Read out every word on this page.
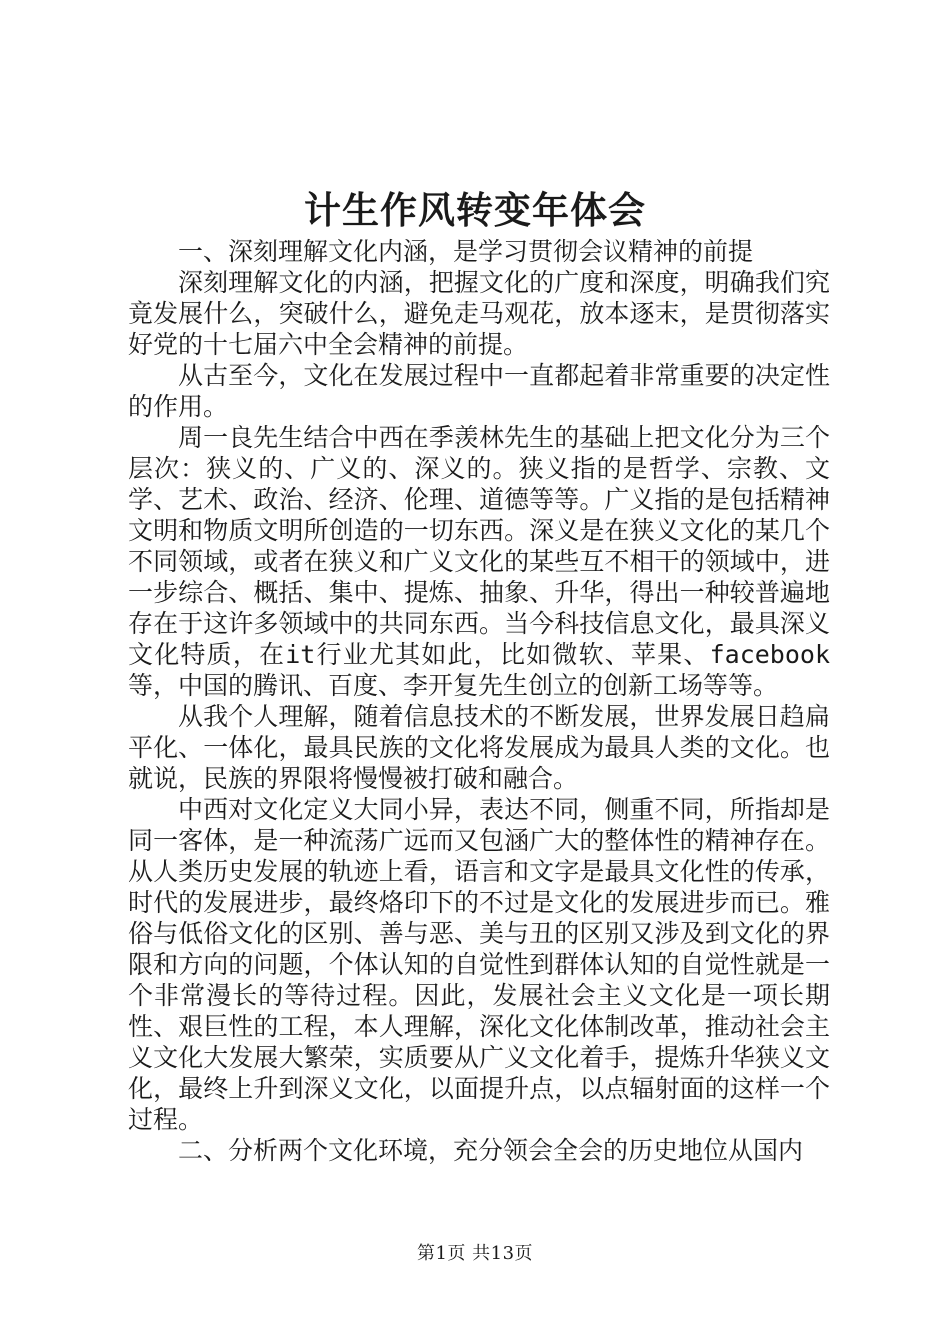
计生作风转变年体会

一、深刻理解文化内涵，是学习贯彻会议精神的前提

深刻理解文化的内涵，把握文化的广度和深度，明确我们究竟发展什么，突破什么，避免走马观花，放本逐末，是贯彻落实好党的十七届六中全会精神的前提。

从古至今，文化在发展过程中一直都起着非常重要的决定性的作用。

周一良先生结合中西在季羡林先生的基础上把文化分为三个层次：狭义的、广义的、深义的。狭义指的是哲学、宗教、文学、艺术、政治、经济、伦理、道德等等。广义指的是包括精神文明和物质文明所创造的一切东西。深义是在狭义文化的某几个不同领域，或者在狭义和广义文化的某些互不相干的领域中，进一步综合、概括、集中、提炼、抽象、升华，得出一种较普遍地存在于这许多领域中的共同东西。当今科技信息文化，最具深义文化特质，在it行业尤其如此，比如微软、苹果、facebook等，中国的腾讯、百度、李开复先生创立的创新工场等等。

从我个人理解，随着信息技术的不断发展，世界发展日趋扁平化、一体化，最具民族的文化将发展成为最具人类的文化。也就说，民族的界限将慢慢被打破和融合。

中西对文化定义大同小异，表达不同，侧重不同，所指却是同一客体，是一种流荡广远而又包涵广大的整体性的精神存在。从人类历史发展的轨迹上看，语言和文字是最具文化性的传承，时代的发展进步，最终烙印下的不过是文化的发展进步而已。雅俗与低俗文化的区别、善与恶、美与丑的区别又涉及到文化的界限和方向的问题，个体认知的自觉性到群体认知的自觉性就是一个非常漫长的等待过程。因此，发展社会主义文化是一项长期性、艰巨性的工程，本人理解，深化文化体制改革，推动社会主义文化大发展大繁荣，实质要从广义文化着手，提炼升华狭义文化，最终上升到深义文化，以面提升点，以点辐射面的这样一个过程。

二、分析两个文化环境，充分领会全会的历史地位从国内

第1页 共13页
